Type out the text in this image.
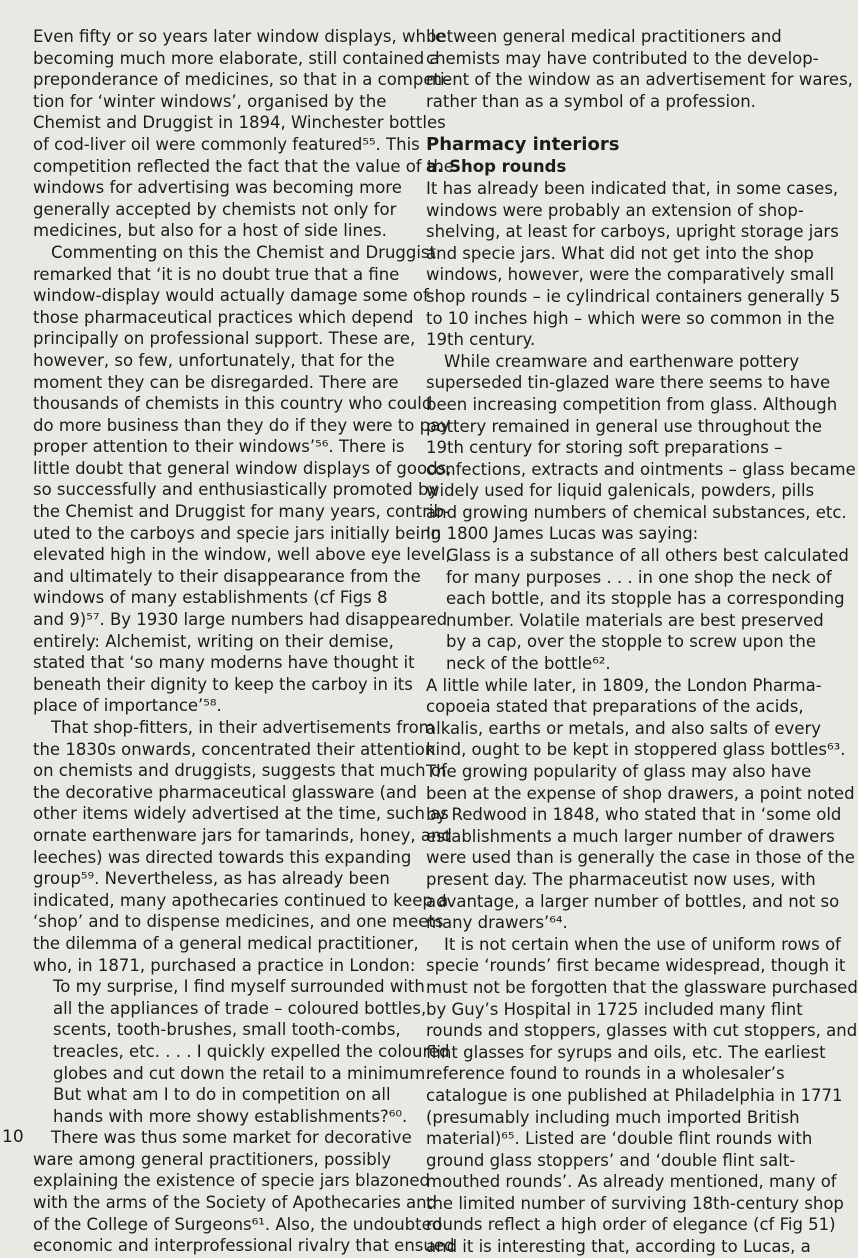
10
Even fifty or so years later window displays, while
becoming much more elaborate, still contained a
preponderance of medicines, so that in a competi-
tion for ‘winter windows’, organised by the
Chemist and Druggist in 1894, Winchester bottles
of cod-liver oil were commonly featured⁵⁵. This
competition reflected the fact that the value of the
windows for advertising was becoming more
generally accepted by chemists not only for
medicines, but also for a host of side lines.
Commenting on this the Chemist and Druggist
remarked that ‘it is no doubt true that a fine
window-display would actually damage some of
those pharmaceutical practices which depend
principally on professional support. These are,
however, so few, unfortunately, that for the
moment they can be disregarded. There are
thousands of chemists in this country who could
do more business than they do if they were to pay
proper attention to their windows’⁵⁶. There is
little doubt that general window displays of goods,
so successfully and enthusiastically promoted by
the Chemist and Druggist for many years, contrib-
uted to the carboys and specie jars initially being
elevated high in the window, well above eye level,
and ultimately to their disappearance from the
windows of many establishments (cf Figs 8
and 9)⁵⁷. By 1930 large numbers had disappeared
entirely: Alchemist, writing on their demise,
stated that ‘so many moderns have thought it
beneath their dignity to keep the carboy in its
place of importance’⁵⁸.
That shop-fitters, in their advertisements from
the 1830s onwards, concentrated their attention
on chemists and druggists, suggests that much of
the decorative pharmaceutical glassware (and
other items widely advertised at the time, such as
ornate earthenware jars for tamarinds, honey, and
leeches) was directed towards this expanding
group⁵⁹. Nevertheless, as has already been
indicated, many apothecaries continued to keep a
‘shop’ and to dispense medicines, and one meets
the dilemma of a general medical practitioner,
who, in 1871, purchased a practice in London:
To my surprise, I find myself surrounded with
all the appliances of trade – coloured bottles,
scents, tooth-brushes, small tooth-combs,
treacles, etc. . . . I quickly expelled the coloured
globes and cut down the retail to a minimum.
But what am I to do in competition on all
hands with more showy establishments?⁶⁰.
There was thus some market for decorative
ware among general practitioners, possibly
explaining the existence of specie jars blazoned
with the arms of the Society of Apothecaries and
of the College of Surgeons⁶¹. Also, the undoubted
economic and interprofessional rivalry that ensued
between general medical practitioners and
chemists may have contributed to the develop-
ment of the window as an advertisement for wares,
rather than as a symbol of a profession.
Pharmacy interiors
a. Shop rounds
It has already been indicated that, in some cases,
windows were probably an extension of shop-
shelving, at least for carboys, upright storage jars
and specie jars. What did not get into the shop
windows, however, were the comparatively small
shop rounds – ie cylindrical containers generally 5
to 10 inches high – which were so common in the
19th century.
While creamware and earthenware pottery
superseded tin-glazed ware there seems to have
been increasing competition from glass. Although
pottery remained in general use throughout the
19th century for storing soft preparations –
confections, extracts and ointments – glass became
widely used for liquid galenicals, powders, pills
and growing numbers of chemical substances, etc.
In 1800 James Lucas was saying:
Glass is a substance of all others best calculated
for many purposes . . . in one shop the neck of
each bottle, and its stopple has a corresponding
number. Volatile materials are best preserved
by a cap, over the stopple to screw upon the
neck of the bottle⁶².
A little while later, in 1809, the London Pharma-
copoeia stated that preparations of the acids,
alkalis, earths or metals, and also salts of every
kind, ought to be kept in stoppered glass bottles⁶³.
The growing popularity of glass may also have
been at the expense of shop drawers, a point noted
by Redwood in 1848, who stated that in ‘some old
establishments a much larger number of drawers
were used than is generally the case in those of the
present day. The pharmaceutist now uses, with
advantage, a larger number of bottles, and not so
many drawers’⁶⁴.
It is not certain when the use of uniform rows of
specie ‘rounds’ first became widespread, though it
must not be forgotten that the glassware purchased
by Guy’s Hospital in 1725 included many flint
rounds and stoppers, glasses with cut stoppers, and
flint glasses for syrups and oils, etc. The earliest
reference found to rounds in a wholesaler’s
catalogue is one published at Philadelphia in 1771
(presumably including much imported British
material)⁶⁵. Listed are ‘double flint rounds with
ground glass stoppers’ and ‘double flint salt-
mouthed rounds’. As already mentioned, many of
the limited number of surviving 18th-century shop
rounds reflect a high order of elegance (cf Fig 51)
and it is interesting that, according to Lucas, a
